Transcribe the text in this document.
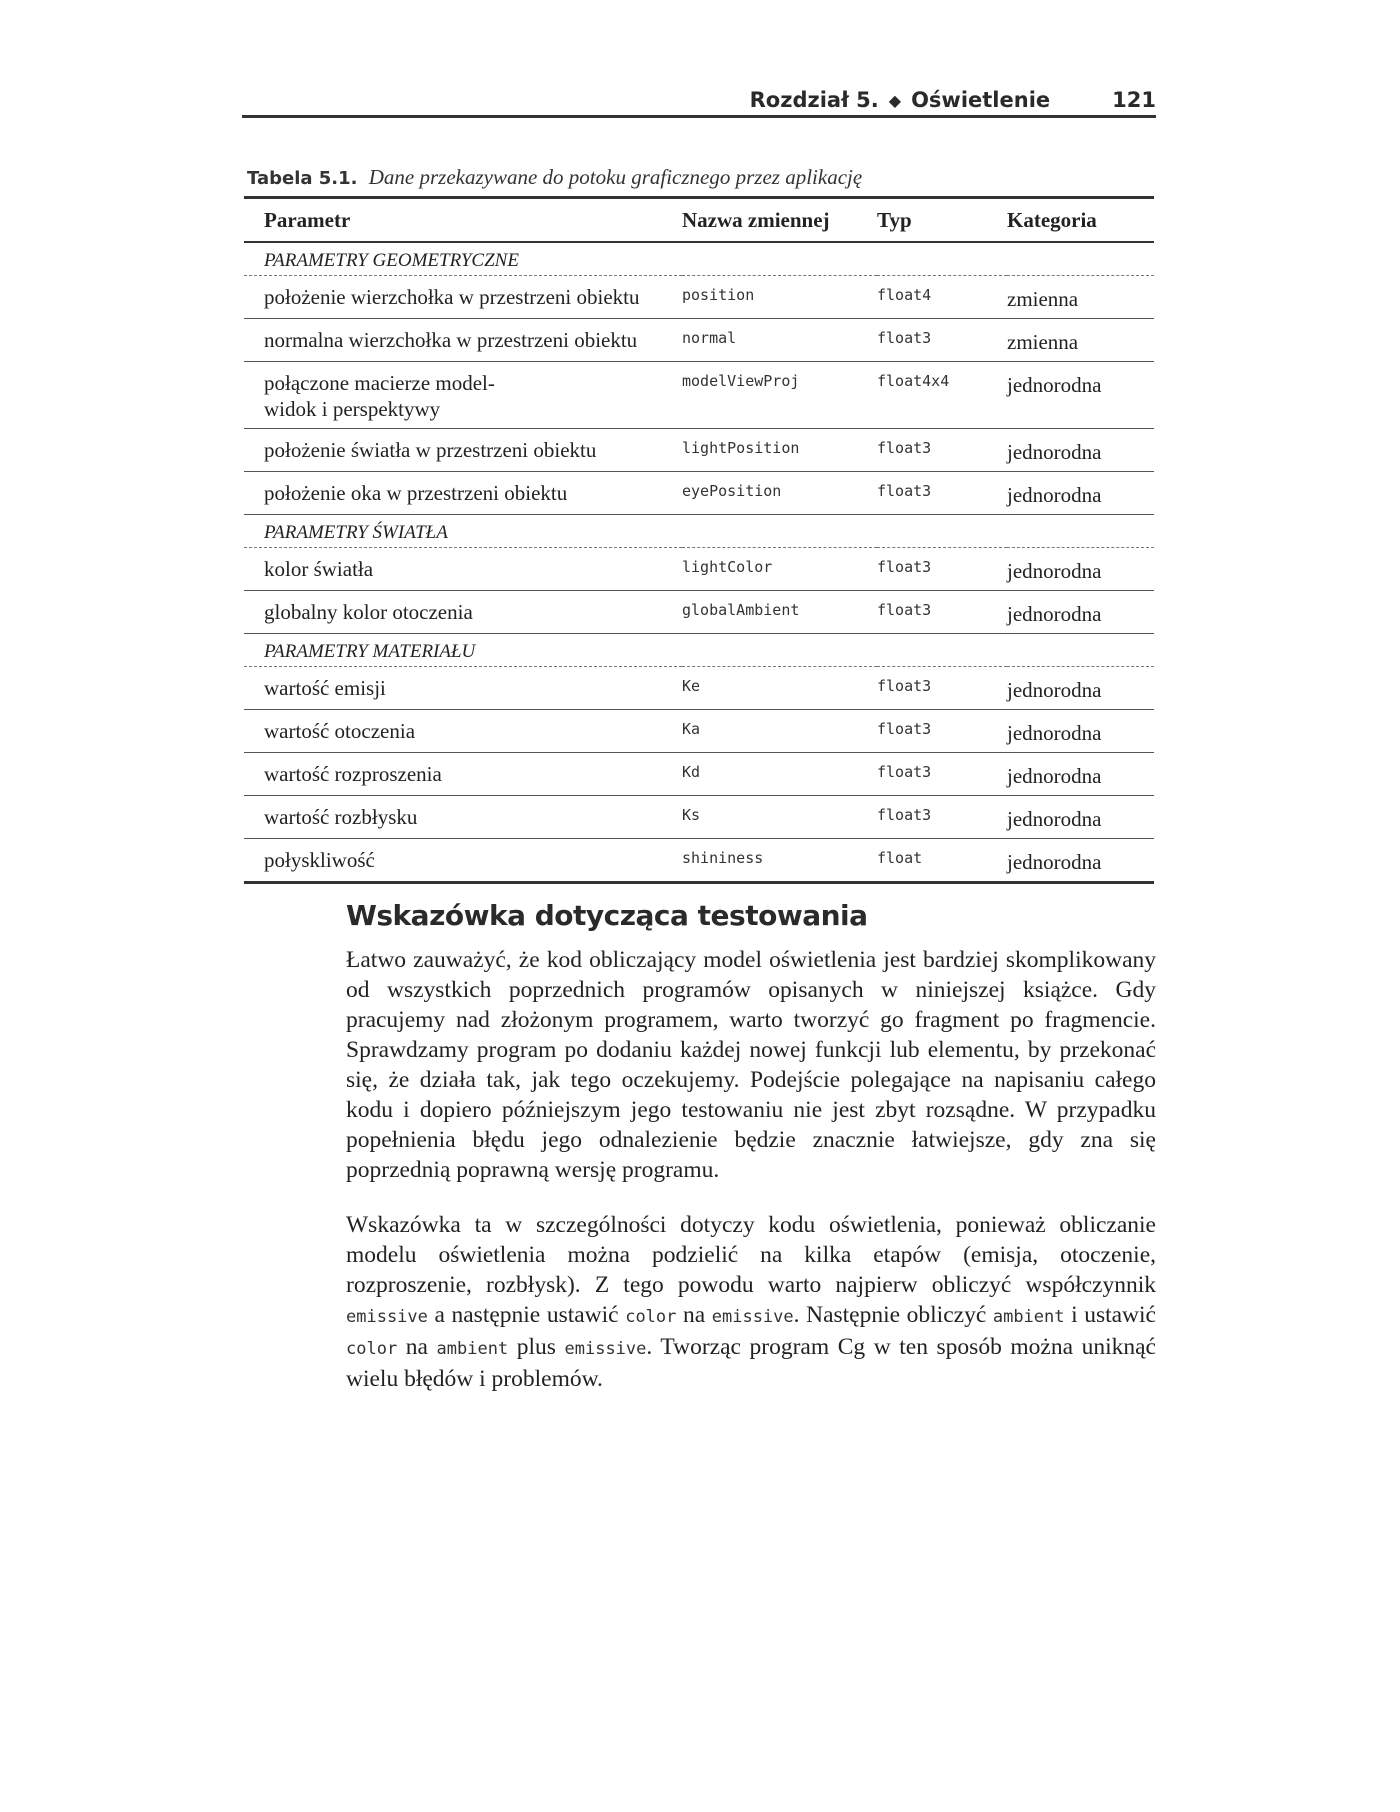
Rozdział 5. ◆ Oświetlenie	121
Tabela 5.1. Dane przekazywane do potoku graficznego przez aplikację
Parametr	Nazwa zmiennej	Typ	Kategoria
PARAMETRY GEOMETRYCZNE			
położenie wierzchołka w przestrzeni obiektu	position	float4	zmienna
normalna wierzchołka w przestrzeni obiektu	normal	float3	zmienna
połączone macierze model-widok i perspektywy	modelViewProj	float4x4	jednorodna
położenie światła w przestrzeni obiektu	lightPosition	float3	jednorodna
położenie oka w przestrzeni obiektu	eyePosition	float3	jednorodna
PARAMETRY ŚWIATŁA			
kolor światła	lightColor	float3	jednorodna
globalny kolor otoczenia	globalAmbient	float3	jednorodna
PARAMETRY MATERIAŁU			
wartość emisji	Ke	float3	jednorodna
wartość otoczenia	Ka	float3	jednorodna
wartość rozproszenia	Kd	float3	jednorodna
wartość rozbłysku	Ks	float3	jednorodna
połyskliwość	shininess	float	jednorodna
Wskazówka dotycząca testowania

Łatwo zauważyć, że kod obliczający model oświetlenia jest bardziej skomplikowany od wszystkich poprzednich programów opisanych w niniejszej książce. Gdy pracujemy nad złożonym programem, warto tworzyć go fragment po fragmencie. Sprawdzamy program po dodaniu każdej nowej funkcji lub elementu, by przekonać się, że działa tak, jak tego oczekujemy. Podejście polegające na napisaniu całego kodu i dopiero późniejszym jego testowaniu nie jest zbyt rozsądne. W przypadku popełnienia błędu jego odnalezienie będzie znacznie łatwiejsze, gdy zna się poprzednią poprawną wersję programu.

Wskazówka ta w szczególności dotyczy kodu oświetlenia, ponieważ obliczanie modelu oświetlenia można podzielić na kilka etapów (emisja, otoczenie, rozproszenie, rozbłysk). Z tego powodu warto najpierw obliczyć współczynnik emissive a następnie ustawić color na emissive. Następnie obliczyć ambient i ustawić color na ambient plus emissive. Tworząc program Cg w ten sposób można uniknąć wielu błędów i problemów.
